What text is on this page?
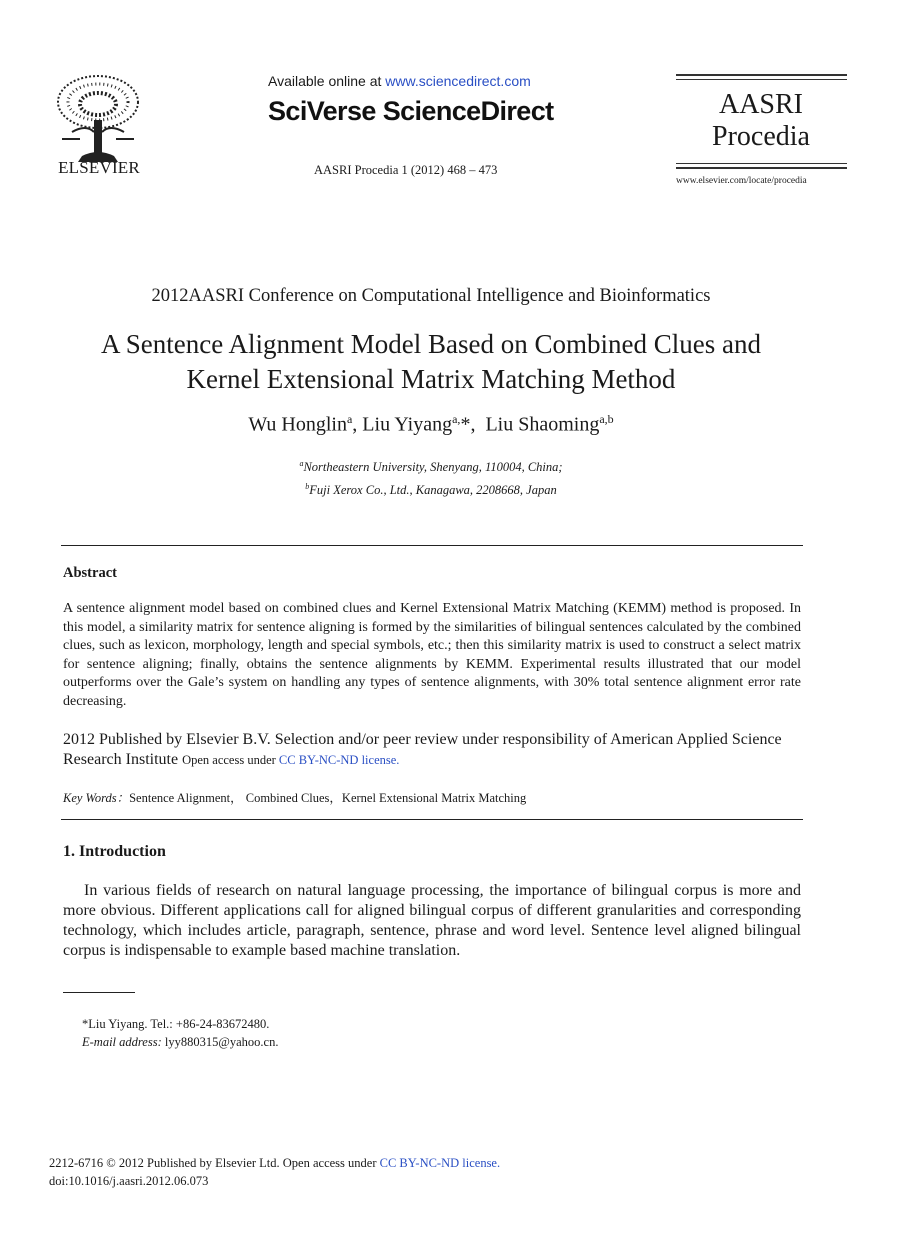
ELSEVIER
Available online at www.sciencedirect.com
SciVerse ScienceDirect
AASRI Procedia 1 (2012) 468 – 473
AASRI
Procedia
www.elsevier.com/locate/procedia
2012AASRI Conference on Computational Intelligence and Bioinformatics
A Sentence Alignment Model Based on Combined Clues and
Kernel Extensional Matrix Matching Method
Wu Honglin$^a$, Liu Yiyang$^{a,}$*,  Liu Shaoming$^{a,b}$
$^a$Northeastern University, Shenyang, 110004, China;
$^b$Fuji Xerox Co., Ltd., Kanagawa, 2208668, Japan
Abstract
A sentence alignment model based on combined clues and Kernel Extensional Matrix Matching (KEMM) method is proposed. In this model, a similarity matrix for sentence aligning is formed by the similarities of bilingual sentences calculated by the combined clues, such as lexicon, morphology, length and special symbols, etc.; then this similarity matrix is used to construct a select matrix for sentence aligning; finally, obtains the sentence alignments by KEMM. Experimental results illustrated that our model outperforms over the Gale’s system on handling any types of sentence alignments, with 30% total sentence alignment error rate decreasing.
2012 Published by Elsevier B.V. Selection and/or peer review under responsibility of American Applied Science Research Institute Open access under CC BY-NC-ND license.
Key Words：Sentence Alignment， Combined Clues，Kernel Extensional Matrix Matching
1. Introduction
In various fields of research on natural language processing, the importance of bilingual corpus is more and more obvious. Different applications call for aligned bilingual corpus of different granularities and corresponding technology, which includes article, paragraph, sentence, phrase and word level. Sentence level aligned bilingual corpus is indispensable to example based machine translation.
*Liu Yiyang. Tel.: +86-24-83672480.
E-mail address: lyy880315@yahoo.cn.
2212-6716 © 2012 Published by Elsevier Ltd. Open access under CC BY-NC-ND license.
doi:10.1016/j.aasri.2012.06.073
